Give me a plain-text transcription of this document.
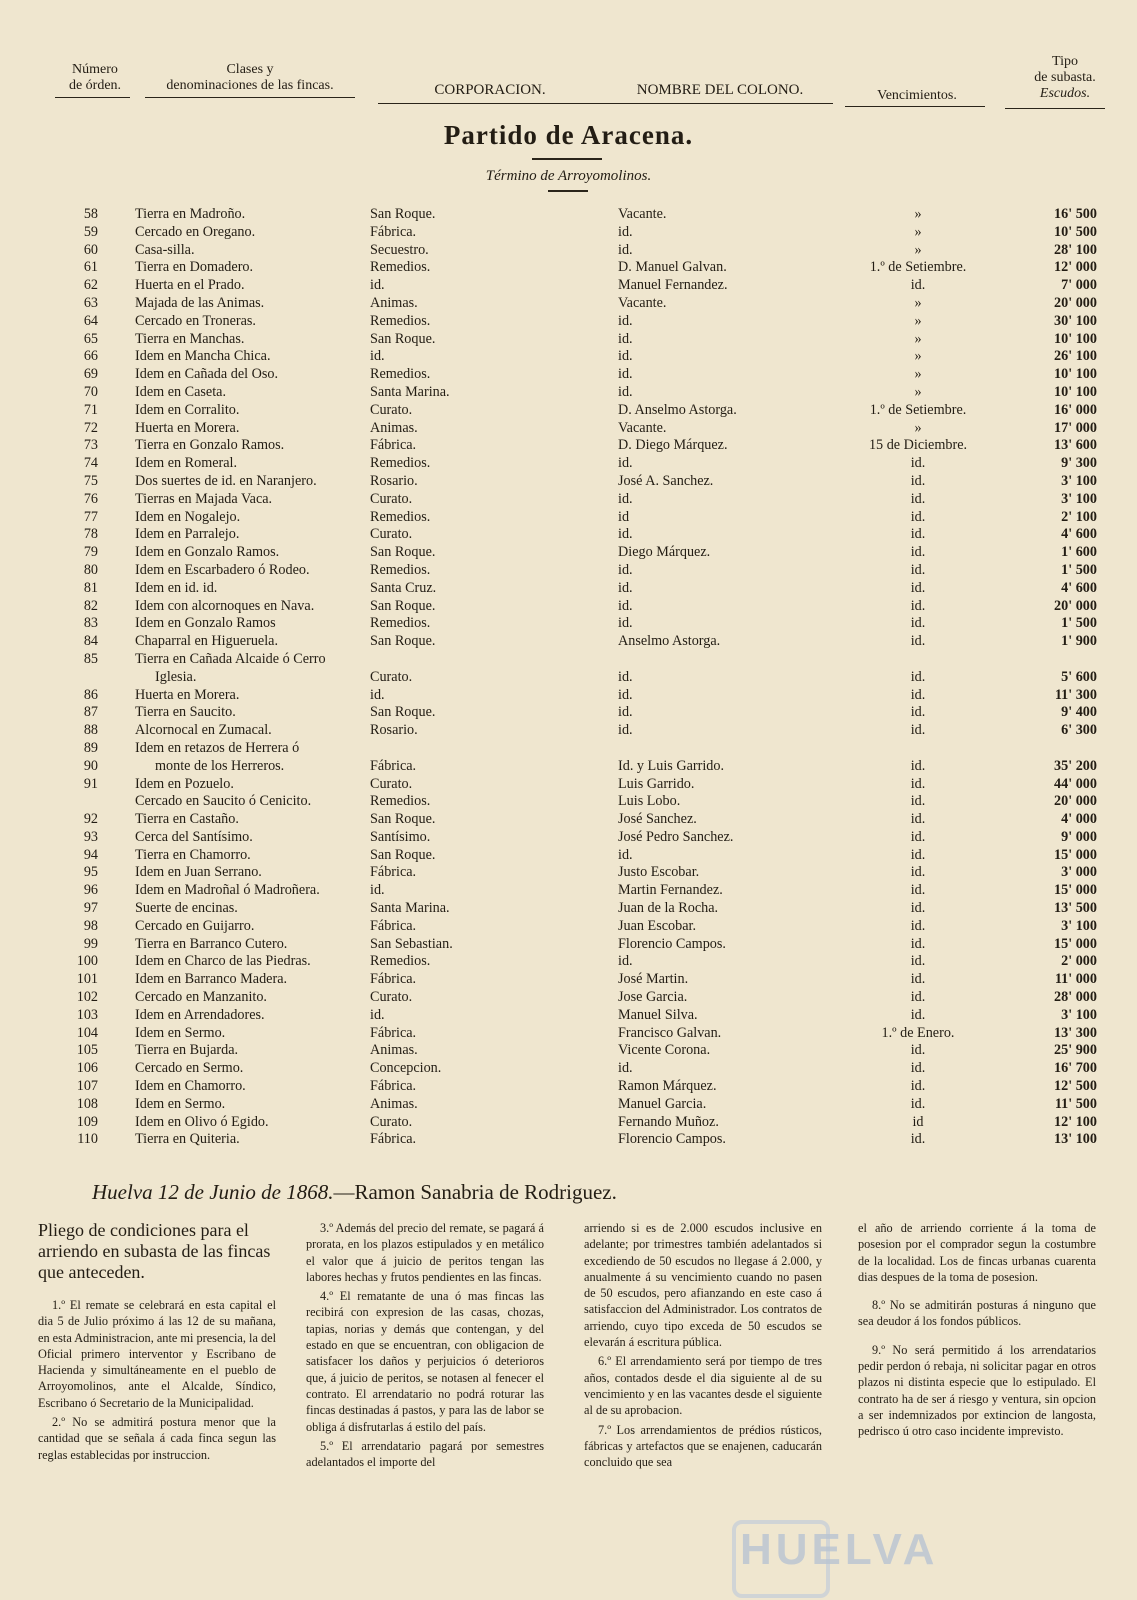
Número
de órden.
Clases y
denominaciones de las fincas.	CORPORACION.	NOMBRE DEL COLONO.	Vencimientos.
Tipo
de subasta.
Escudos.
Partido de Aracena.
Término de Arroyomolinos.
58	Tierra en Madroño.	San Roque.	Vacante.	»	16' 500
59	Cercado en Oregano.	Fábrica.	id.	»	10' 500
60	Casa-silla.	Secuestro.	id.	»	28' 100
61	Tierra en Domadero.	Remedios.	D. Manuel Galvan.	1.º de Setiembre.	12' 000
62	Huerta en el Prado.	id.	Manuel Fernandez.	id.	7' 000
63	Majada de las Animas.	Animas.	Vacante.	»	20' 000
64	Cercado en Troneras.	Remedios.	id.	»	30' 100
65	Tierra en Manchas.	San Roque.	id.	»	10' 100
66	Idem en Mancha Chica.	id.	id.	»	26' 100
69	Idem en Cañada del Oso.	Remedios.	id.	»	10' 100
70	Idem en Caseta.	Santa Marina.	id.	»	10' 100
71	Idem en Corralito.	Curato.	D. Anselmo Astorga.	1.º de Setiembre.	16' 000
72	Huerta en Morera.	Animas.	Vacante.	»	17' 000
73	Tierra en Gonzalo Ramos.	Fábrica.	D. Diego Márquez.	15 de Diciembre.	13' 600
74	Idem en Romeral.	Remedios.	id.	id.	9' 300
75	Dos suertes de id. en Naranjero.	Rosario.	José A. Sanchez.	id.	3' 100
76	Tierras en Majada Vaca.	Curato.	id.	id.	3' 100
77	Idem en Nogalejo.	Remedios.	id	id.	2' 100
78	Idem en Parralejo.	Curato.	id.	id.	4' 600
79	Idem en Gonzalo Ramos.	San Roque.	Diego Márquez.	id.	1' 600
80	Idem en Escarbadero ó Rodeo.	Remedios.	id.	id.	1' 500
81	Idem en id. id.	Santa Cruz.	id.	id.	4' 600
82	Idem con alcornoques en Nava.	San Roque.	id.	id.	20' 000
83	Idem en Gonzalo Ramos	Remedios.	id.	id.	1' 500
84	Chaparral en Higueruela.	San Roque.	Anselmo Astorga.	id.	1' 900
85	Tierra en Cañada Alcaide ó Cerro
Iglesia.	Curato.	id.	id.	5' 600
86	Huerta en Morera.	id.	id.	id.	11' 300
87	Tierra en Saucito.	San Roque.	id.	id.	9' 400
88	Alcornocal en Zumacal.	Rosario.	id.	id.	6' 300
89	Idem en retazos de Herrera ó
90	monte de los Herreros.	Fábrica.	Id. y Luis Garrido.	id.	35' 200
91	Idem en Pozuelo.	Curato.	Luis Garrido.	id.	44' 000
Cercado en Saucito ó Cenicito.	Remedios.	Luis Lobo.	id.	20' 000
92	Tierra en Castaño.	San Roque.	José Sanchez.	id.	4' 000
93	Cerca del Santísimo.	Santísimo.	José Pedro Sanchez.	id.	9' 000
94	Tierra en Chamorro.	San Roque.	id.	id.	15' 000
95	Idem en Juan Serrano.	Fábrica.	Justo Escobar.	id.	3' 000
96	Idem en Madroñal ó Madroñera.	id.	Martin Fernandez.	id.	15' 000
97	Suerte de encinas.	Santa Marina.	Juan de la Rocha.	id.	13' 500
98	Cercado en Guijarro.	Fábrica.	Juan Escobar.	id.	3' 100
99	Tierra en Barranco Cutero.	San Sebastian.	Florencio Campos.	id.	15' 000
100	Idem en Charco de las Piedras.	Remedios.	id.	id.	2' 000
101	Idem en Barranco Madera.	Fábrica.	José Martin.	id.	11' 000
102	Cercado en Manzanito.	Curato.	Jose Garcia.	id.	28' 000
103	Idem en Arrendadores.	id.	Manuel Silva.	id.	3' 100
104	Idem en Sermo.	Fábrica.	Francisco Galvan.	1.º de Enero.	13' 300
105	Tierra en Bujarda.	Animas.	Vicente Corona.	id.	25' 900
106	Cercado en Sermo.	Concepcion.	id.	id.	16' 700
107	Idem en Chamorro.	Fábrica.	Ramon Márquez.	id.	12' 500
108	Idem en Sermo.	Animas.	Manuel Garcia.	id.	11' 500
109	Idem en Olivo ó Egido.	Curato.	Fernando Muñoz.	id	12' 100
110	Tierra en Quiteria.	Fábrica.	Florencio Campos.	id.	13' 100
Huelva 12 de Junio de 1868.—Ramon Sanabria de Rodriguez.
Pliego de condiciones para el arriendo en subasta de las fincas que anteceden.

1.º El remate se celebrará en esta capital el dia 5 de Julio próximo á las 12 de su mañana, en esta Administracion, ante mi presencia, la del Oficial primero interventor y Escribano de Hacienda y simultáneamente en el pueblo de Arroyomolinos, ante el Alcalde, Síndico, Escribano ó Secretario de la Municipalidad.

2.º No se admitirá postura menor que la cantidad que se señala á cada finca segun las reglas establecidas por instruccion.

3.º Además del precio del remate, se pagará á prorata, en los plazos estipulados y en metálico el valor que á juicio de peritos tengan las labores hechas y frutos pendientes en las fincas.

4.º El rematante de una ó mas fincas las recibirá con expresion de las casas, chozas, tapias, norias y demás que contengan, y del estado en que se encuentran, con obligacion de satisfacer los daños y perjuicios ó deterioros que, á juicio de peritos, se notasen al fenecer el contrato. El arrendatario no podrá roturar las fincas destinadas á pastos, y para las de labor se obliga á disfrutarlas á estilo del país.

5.º El arrendatario pagará por semestres adelantados el importe del

arriendo si es de 2.000 escudos inclusive en adelante; por trimestres también adelantados si excediendo de 50 escudos no llegase á 2.000, y anualmente á su vencimiento cuando no pasen de 50 escudos, pero afianzando en este caso á satisfaccion del Administrador. Los contratos de arriendo, cuyo tipo exceda de 50 escudos se elevarán á escritura pública.

6.º El arrendamiento será por tiempo de tres años, contados desde el dia siguiente al de su vencimiento y en las vacantes desde el siguiente al de su aprobacion.

7.º Los arrendamientos de prédios rústicos, fábricas y artefactos que se enajenen, caducarán concluido que sea

el año de arriendo corriente á la toma de posesion por el comprador segun la costumbre de la localidad. Los de fincas urbanas cuarenta dias despues de la toma de posesion.

8.º No se admitirán posturas á ninguno que sea deudor á los fondos públicos.

9.º No será permitido á los arrendatarios pedir perdon ó rebaja, ni solicitar pagar en otros plazos ni distinta especie que lo estipulado. El contrato ha de ser á riesgo y ventura, sin opcion a ser indemnizados por extincion de langosta, pedrisco ú otro caso incidente imprevisto.

HUELVA
